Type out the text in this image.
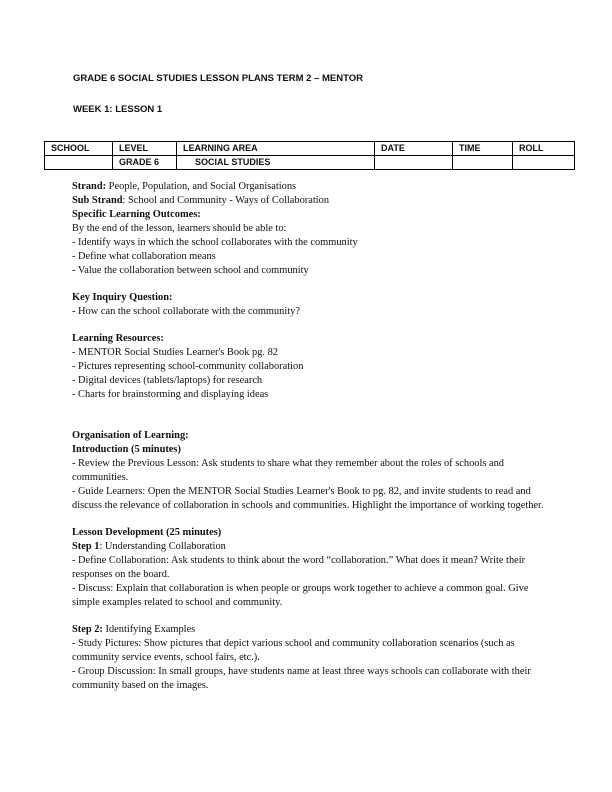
GRADE 6 SOCIAL STUDIES LESSON PLANS TERM 2 – MENTOR
WEEK 1: LESSON 1
SCHOOL	LEVEL	LEARNING AREA	DATE	TIME	ROLL
	GRADE 6	SOCIAL STUDIES			

Strand: People, Population, and Social Organisations

Sub Strand: School and Community - Ways of Collaboration

Specific Learning Outcomes:

By the end of the lesson, learners should be able to:

- Identify ways in which the school collaborates with the community

- Define what collaboration means

- Value the collaboration between school and community

Key Inquiry Question:

- How can the school collaborate with the community?

Learning Resources:

- MENTOR Social Studies Learner's Book pg. 82

- Pictures representing school-community collaboration

- Digital devices (tablets/laptops) for research

- Charts for brainstorming and displaying ideas

Organisation of Learning:

Introduction (5 minutes)

- Review the Previous Lesson: Ask students to share what they remember about the roles of schools and communities.

- Guide Learners: Open the MENTOR Social Studies Learner's Book to pg. 82, and invite students to read and discuss the relevance of collaboration in schools and communities. Highlight the importance of working together.

Lesson Development (25 minutes)

Step 1: Understanding Collaboration

- Define Collaboration: Ask students to think about the word “collaboration.” What does it mean? Write their responses on the board.

- Discuss: Explain that collaboration is when people or groups work together to achieve a common goal. Give simple examples related to school and community.

Step 2: Identifying Examples

- Study Pictures: Show pictures that depict various school and community collaboration scenarios (such as community service events, school fairs, etc.).

- Group Discussion: In small groups, have students name at least three ways schools can collaborate with their community based on the images.
